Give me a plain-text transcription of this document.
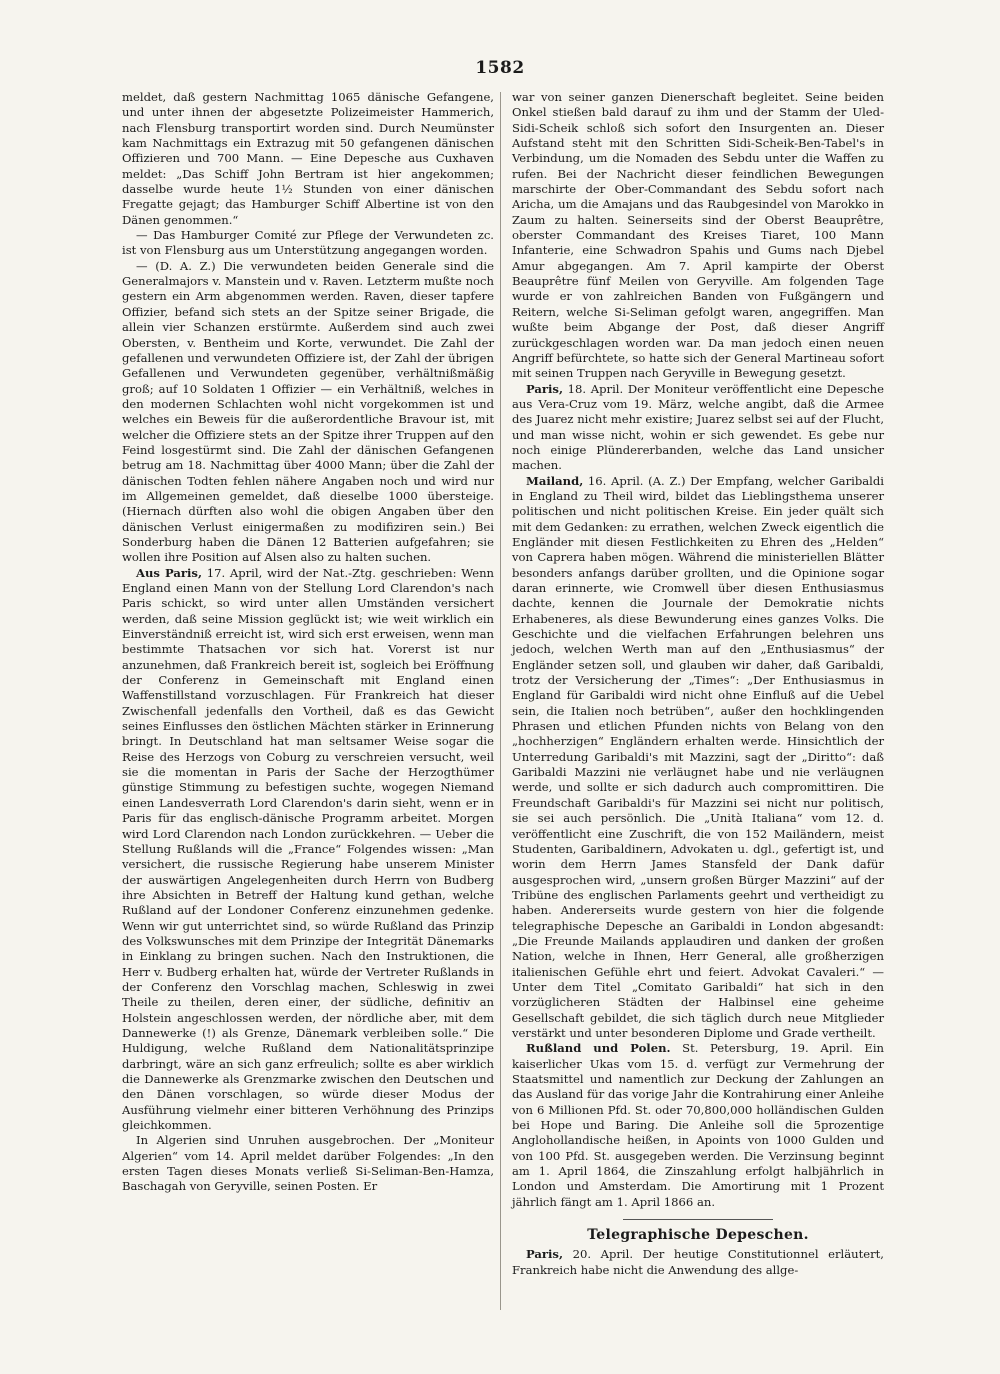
1582

meldet, daß gestern Nachmittag 1065 dänische Gefangene, und unter ihnen der abgesetzte Polizeimeister Hammerich, nach Flensburg transportirt worden sind. Durch Neumünster kam Nachmittags ein Extrazug mit 50 gefangenen dänischen Offizieren und 700 Mann. — Eine Depesche aus Cuxhaven meldet: „Das Schiff John Bertram ist hier angekommen; dasselbe wurde heute 1½ Stunden von einer dänischen Fregatte gejagt; das Hamburger Schiff Albertine ist von den Dänen genommen.“

— Das Hamburger Comité zur Pflege der Verwundeten zc. ist von Flensburg aus um Unterstützung angegangen worden.

— (D. A. Z.) Die verwundeten beiden Generale sind die Generalmajors v. Manstein und v. Raven. Letzterm mußte noch gestern ein Arm abgenommen werden. Raven, dieser tapfere Offizier, befand sich stets an der Spitze seiner Brigade, die allein vier Schanzen erstürmte. Außerdem sind auch zwei Obersten, v. Bentheim und Korte, verwundet. Die Zahl der gefallenen und verwundeten Offiziere ist, der Zahl der übrigen Gefallenen und Verwundeten gegenüber, verhältnißmäßig groß; auf 10 Soldaten 1 Offizier — ein Verhältniß, welches in den modernen Schlachten wohl nicht vorgekommen ist und welches ein Beweis für die außerordentliche Bravour ist, mit welcher die Offiziere stets an der Spitze ihrer Truppen auf den Feind losgestürmt sind. Die Zahl der dänischen Gefangenen betrug am 18. Nachmittag über 4000 Mann; über die Zahl der dänischen Todten fehlen nähere Angaben noch und wird nur im Allgemeinen gemeldet, daß dieselbe 1000 übersteige. (Hiernach dürften also wohl die obigen Angaben über den dänischen Verlust einigermaßen zu modifiziren sein.) Bei Sonderburg haben die Dänen 12 Batterien aufgefahren; sie wollen ihre Position auf Alsen also zu halten suchen.

Aus Paris, 17. April, wird der Nat.-Ztg. geschrieben: Wenn England einen Mann von der Stellung Lord Clarendon's nach Paris schickt, so wird unter allen Umständen versichert werden, daß seine Mission geglückt ist; wie weit wirklich ein Einverständniß erreicht ist, wird sich erst erweisen, wenn man bestimmte Thatsachen vor sich hat. Vorerst ist nur anzunehmen, daß Frankreich bereit ist, sogleich bei Eröffnung der Conferenz in Gemeinschaft mit England einen Waffenstillstand vorzuschlagen. Für Frankreich hat dieser Zwischenfall jedenfalls den Vortheil, daß es das Gewicht seines Einflusses den östlichen Mächten stärker in Erinnerung bringt. In Deutschland hat man seltsamer Weise sogar die Reise des Herzogs von Coburg zu verschreien versucht, weil sie die momentan in Paris der Sache der Herzogthümer günstige Stimmung zu befestigen suchte, wogegen Niemand einen Landesverrath Lord Clarendon's darin sieht, wenn er in Paris für das englisch-dänische Programm arbeitet. Morgen wird Lord Clarendon nach London zurückkehren. — Ueber die Stellung Rußlands will die „France“ Folgendes wissen: „Man versichert, die russische Regierung habe unserem Minister der auswärtigen Angelegenheiten durch Herrn von Budberg ihre Absichten in Betreff der Haltung kund gethan, welche Rußland auf der Londoner Conferenz einzunehmen gedenke. Wenn wir gut unterrichtet sind, so würde Rußland das Prinzip des Volkswunsches mit dem Prinzipe der Integrität Dänemarks in Einklang zu bringen suchen. Nach den Instruktionen, die Herr v. Budberg erhalten hat, würde der Vertreter Rußlands in der Conferenz den Vorschlag machen, Schleswig in zwei Theile zu theilen, deren einer, der südliche, definitiv an Holstein angeschlossen werden, der nördliche aber, mit dem Dannewerke (!) als Grenze, Dänemark verbleiben solle.“ Die Huldigung, welche Rußland dem Nationalitätsprinzipe darbringt, wäre an sich ganz erfreulich; sollte es aber wirklich die Dannewerke als Grenzmarke zwischen den Deutschen und den Dänen vorschlagen, so würde dieser Modus der Ausführung vielmehr einer bitteren Verhöhnung des Prinzips gleichkommen.

In Algerien sind Unruhen ausgebrochen. Der „Moniteur Algerien“ vom 14. April meldet darüber Folgendes: „In den ersten Tagen dieses Monats verließ Si-Seliman-Ben-Hamza, Baschagah von Geryville, seinen Posten. Er

war von seiner ganzen Dienerschaft begleitet. Seine beiden Onkel stießen bald darauf zu ihm und der Stamm der Uled-Sidi-Scheik schloß sich sofort den Insurgenten an. Dieser Aufstand steht mit den Schritten Sidi-Scheik-Ben-Tabel's in Verbindung, um die Nomaden des Sebdu unter die Waffen zu rufen. Bei der Nachricht dieser feindlichen Bewegungen marschirte der Ober-Commandant des Sebdu sofort nach Aricha, um die Amajans und das Raubgesindel von Marokko in Zaum zu halten. Seinerseits sind der Oberst Beauprêtre, oberster Commandant des Kreises Tiaret, 100 Mann Infanterie, eine Schwadron Spahis und Gums nach Djebel Amur abgegangen. Am 7. April kampirte der Oberst Beauprêtre fünf Meilen von Geryville. Am folgenden Tage wurde er von zahlreichen Banden von Fußgängern und Reitern, welche Si-Seliman gefolgt waren, angegriffen. Man wußte beim Abgange der Post, daß dieser Angriff zurückgeschlagen worden war. Da man jedoch einen neuen Angriff befürchtete, so hatte sich der General Martineau sofort mit seinen Truppen nach Geryville in Bewegung gesetzt.

Paris, 18. April. Der Moniteur veröffentlicht eine Depesche aus Vera-Cruz vom 19. März, welche angibt, daß die Armee des Juarez nicht mehr existire; Juarez selbst sei auf der Flucht, und man wisse nicht, wohin er sich gewendet. Es gebe nur noch einige Plündererbanden, welche das Land unsicher machen.

Mailand, 16. April. (A. Z.) Der Empfang, welcher Garibaldi in England zu Theil wird, bildet das Lieblingsthema unserer politischen und nicht politischen Kreise. Ein jeder quält sich mit dem Gedanken: zu errathen, welchen Zweck eigentlich die Engländer mit diesen Festlichkeiten zu Ehren des „Helden“ von Caprera haben mögen. Während die ministeriellen Blätter besonders anfangs darüber grollten, und die Opinione sogar daran erinnerte, wie Cromwell über diesen Enthusiasmus dachte, kennen die Journale der Demokratie nichts Erhabeneres, als diese Bewunderung eines ganzes Volks. Die Geschichte und die vielfachen Erfahrungen belehren uns jedoch, welchen Werth man auf den „Enthusiasmus“ der Engländer setzen soll, und glauben wir daher, daß Garibaldi, trotz der Versicherung der „Times“: „Der Enthusiasmus in England für Garibaldi wird nicht ohne Einfluß auf die Uebel sein, die Italien noch betrüben“, außer den hochklingenden Phrasen und etlichen Pfunden nichts von Belang von den „hochherzigen“ Engländern erhalten werde. Hinsichtlich der Unterredung Garibaldi's mit Mazzini, sagt der „Diritto“: daß Garibaldi Mazzini nie verläugnet habe und nie verläugnen werde, und sollte er sich dadurch auch compromittiren. Die Freundschaft Garibaldi's für Mazzini sei nicht nur politisch, sie sei auch persönlich. Die „Unità Italiana“ vom 12. d. veröffentlicht eine Zuschrift, die von 152 Mailändern, meist Studenten, Garibaldinern, Advokaten u. dgl., gefertigt ist, und worin dem Herrn James Stansfeld der Dank dafür ausgesprochen wird, „unsern großen Bürger Mazzini“ auf der Tribüne des englischen Parlaments geehrt und vertheidigt zu haben. Andererseits wurde gestern von hier die folgende telegraphische Depesche an Garibaldi in London abgesandt: „Die Freunde Mailands applaudiren und danken der großen Nation, welche in Ihnen, Herr General, alle großherzigen italienischen Gefühle ehrt und feiert. Advokat Cavaleri.“ — Unter dem Titel „Comitato Garibaldi“ hat sich in den vorzüglicheren Städten der Halbinsel eine geheime Gesellschaft gebildet, die sich täglich durch neue Mitglieder verstärkt und unter besonderen Diplome und Grade vertheilt.

Rußland und Polen. St. Petersburg, 19. April. Ein kaiserlicher Ukas vom 15. d. verfügt zur Vermehrung der Staatsmittel und namentlich zur Deckung der Zahlungen an das Ausland für das vorige Jahr die Kontrahirung einer Anleihe von 6 Millionen Pfd. St. oder 70,800,000 holländischen Gulden bei Hope und Baring. Die Anleihe soll die 5prozentige Anglohollandische heißen, in Apoints von 1000 Gulden und von 100 Pfd. St. ausgegeben werden. Die Verzinsung beginnt am 1. April 1864, die Zinszahlung erfolgt halbjährlich in London und Amsterdam. Die Amortirung mit 1 Prozent jährlich fängt am 1. April 1866 an.

Telegraphische Depeschen.

Paris, 20. April. Der heutige Constitutionnel erläutert, Frankreich habe nicht die Anwendung des allge-
